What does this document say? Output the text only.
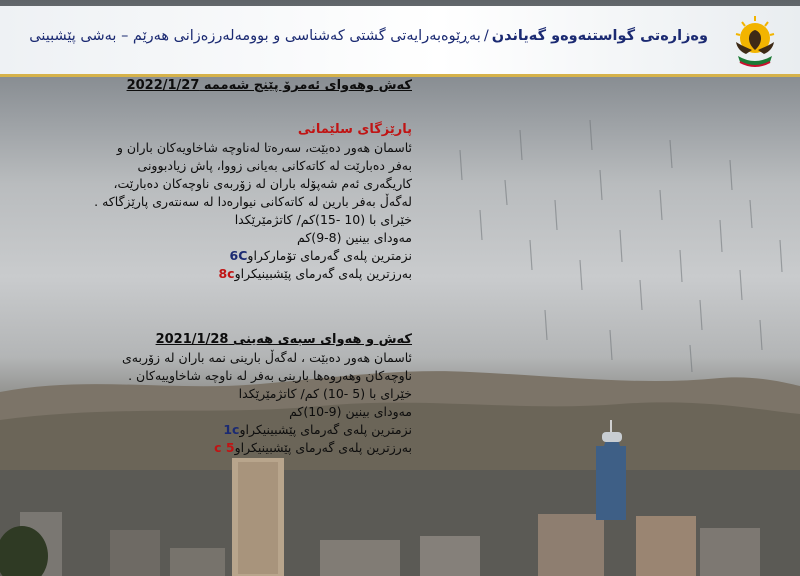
وەزارەتی گواستنەوەو گەیاندن/بەڕێوەبەرایەتی گشتی کەشناسی و بوومەلەرزەزانی هەرێم – بەشی پێشبینی
کەش وهەوای ئەمرۆ پێنج شەممە 2022/1/27
پارێزگای سلێمانی
ئاسمان هەور دەبێت، سەرەتا لەناوچە شاخاویەکان باران و
بەفر دەبارێت لە کاتەکانی بەیانی زووا، پاش زیادبوونی
کاریگەری ئەم شەپۆلە باران لە زۆربەی ناوچەکان دەبارێت،
لەگەڵ بەفر بارین لە کاتەکانی نیوارەدا لە سەنتەری پارێزگاکە .
خێرای با (10 -15)کم/ کاتژمێرێکدا
مەودای بینین (8-9)کم
نزمترین پلەی گەرمای تۆمارکراو6C
بەرزترین پلەی گەرمای پێشبینیکراو8c
کەش و هەوای سبەی هەینی 2021/1/28
ئاسمان هەور دەبێت ، لەگەڵ بارینی نمە باران لە زۆربەی
ناوچەکان وهەروەها بارینی بەفر لە ناوچە شاخاوییەکان .
خێرای با (5 -10) کم/ کاتژمێرێکدا
مەودای بینین (9-10)کم
نزمترین پلەی گەرمای پێشبینیکراو1c
بەرزترین پلەی گەرمای پێشبینیکراو5 c
